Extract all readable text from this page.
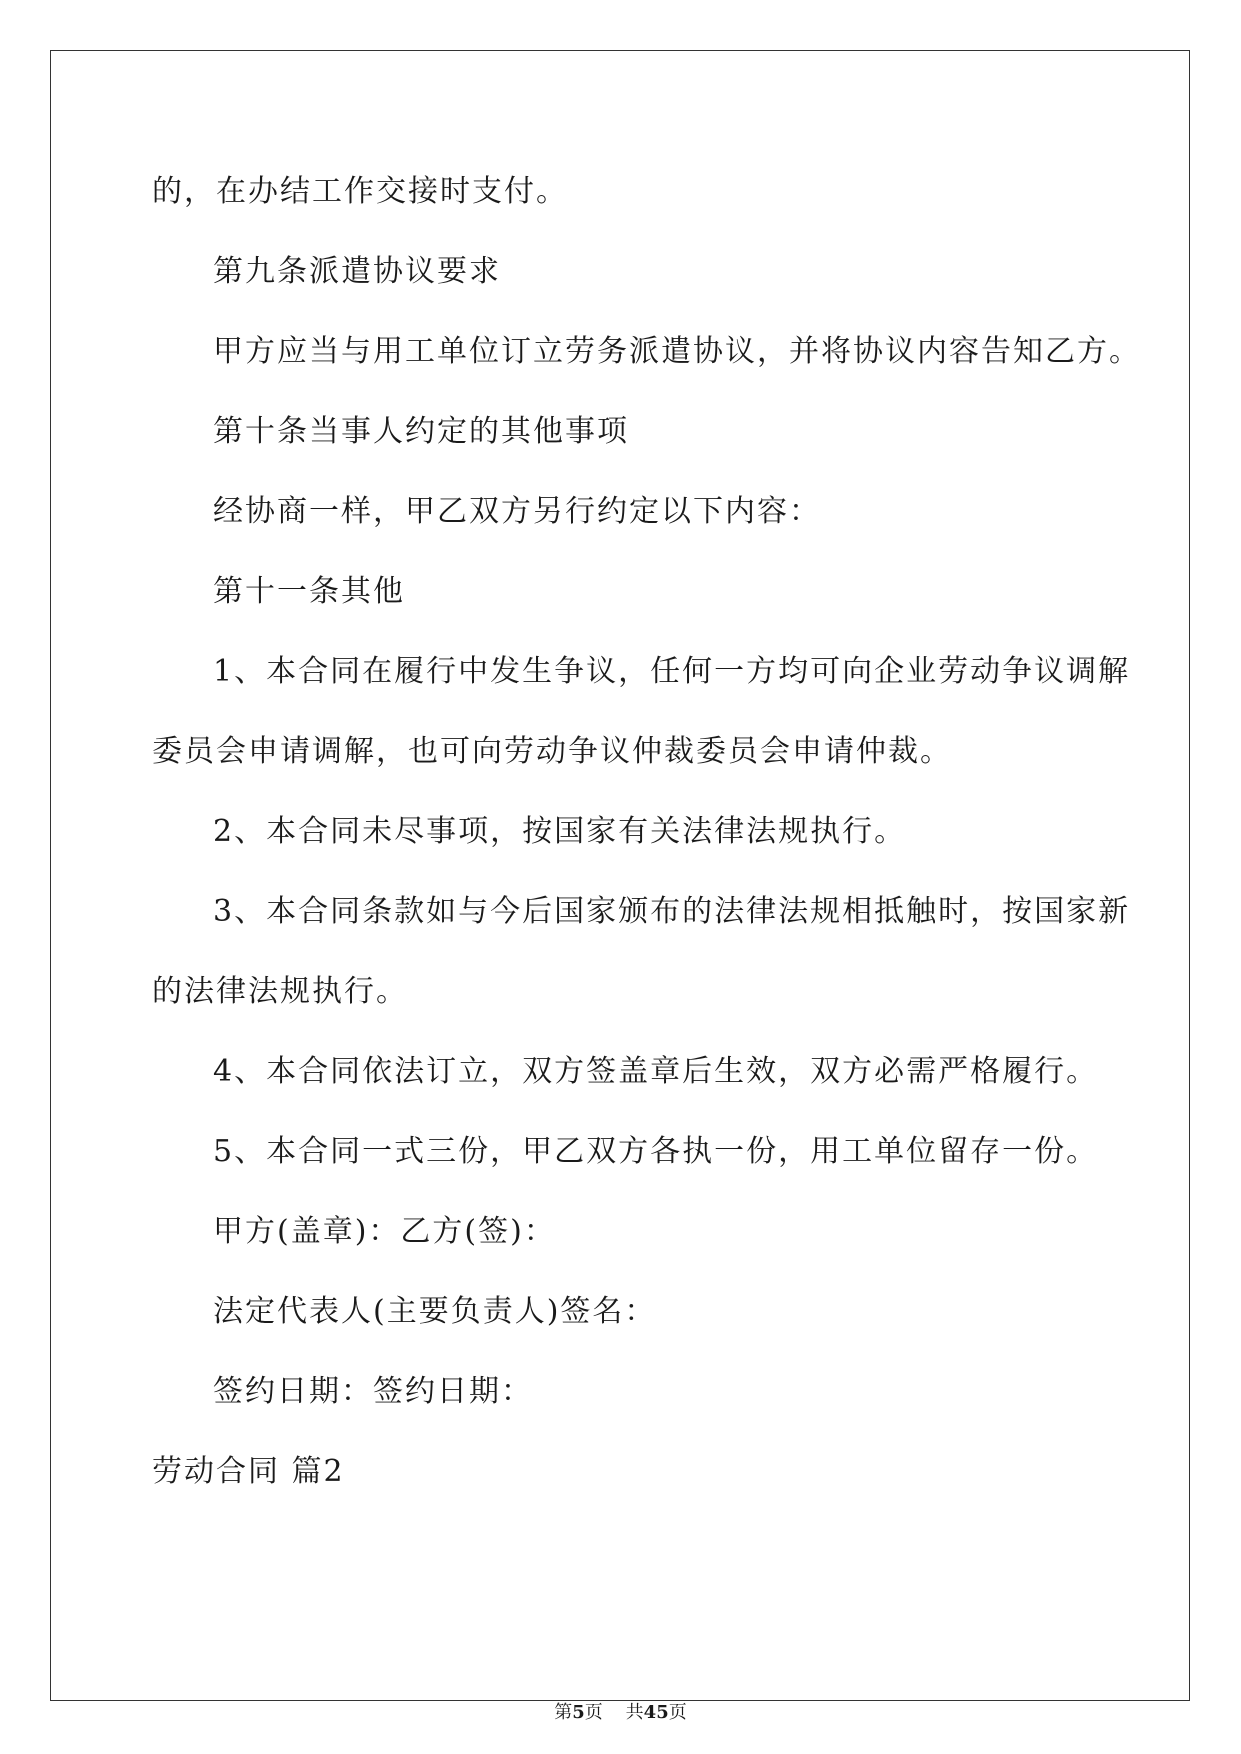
的，在办结工作交接时支付。
第九条派遣协议要求
甲方应当与用工单位订立劳务派遣协议，并将协议内容告知乙方。
第十条当事人约定的其他事项
经协商一样，甲乙双方另行约定以下内容：
第十一条其他
1、本合同在履行中发生争议，任何一方均可向企业劳动争议调解
委员会申请调解，也可向劳动争议仲裁委员会申请仲裁。
2、本合同未尽事项，按国家有关法律法规执行。
3、本合同条款如与今后国家颁布的法律法规相抵触时，按国家新
的法律法规执行。
4、本合同依法订立，双方签盖章后生效，双方必需严格履行。
5、本合同一式三份，甲乙双方各执一份，用工单位留存一份。
甲方(盖章)：乙方(签)：
法定代表人(主要负责人)签名：
签约日期：签约日期：
劳动合同 篇2
第5页 共45页
